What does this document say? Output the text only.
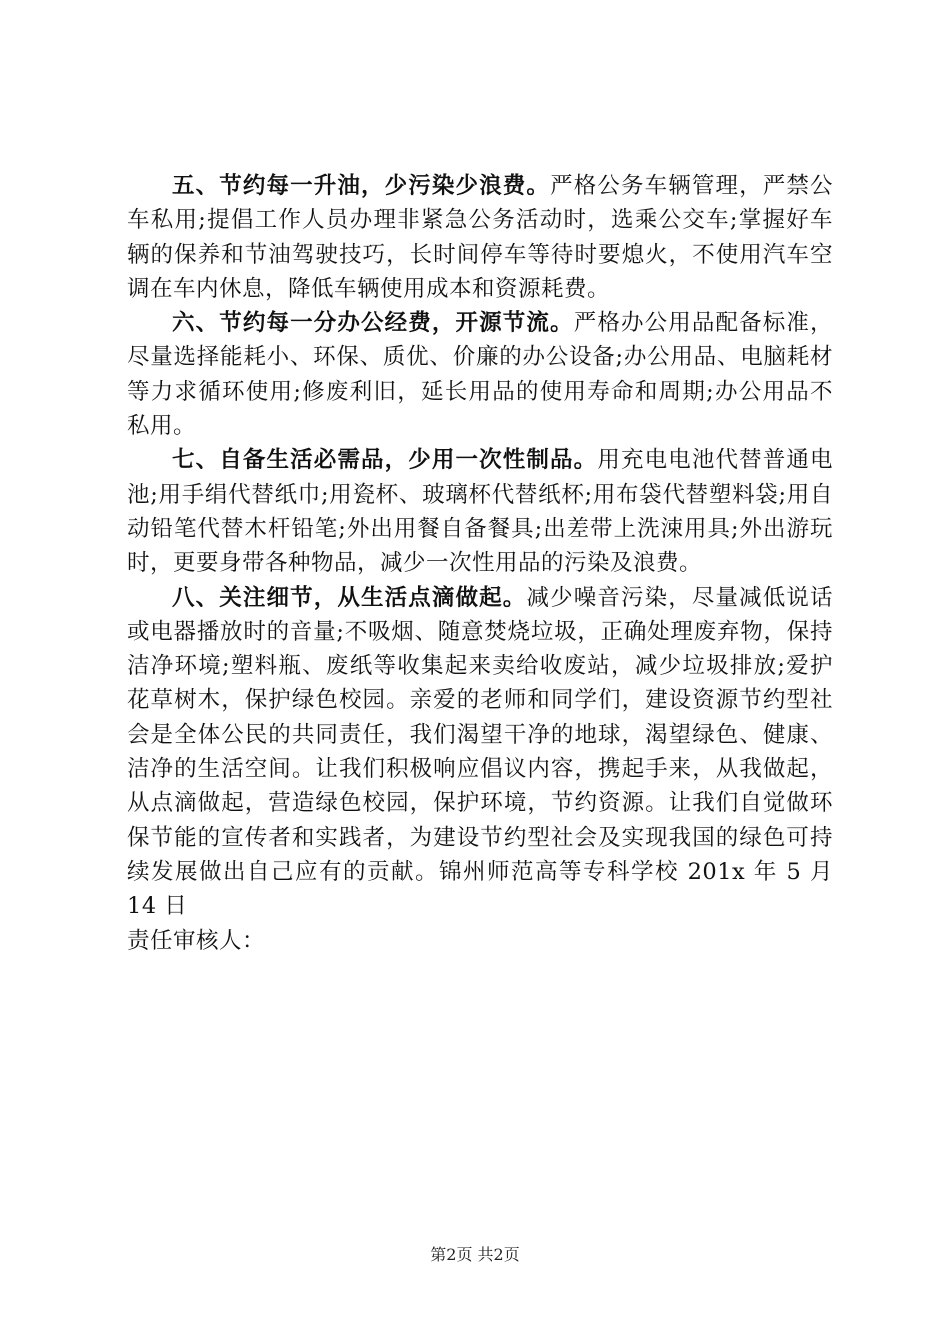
五、节约每一升油，少污染少浪费。严格公务车辆管理，严禁公车私用;提倡工作人员办理非紧急公务活动时，选乘公交车;掌握好车辆的保养和节油驾驶技巧，长时间停车等待时要熄火，不使用汽车空调在车内休息，降低车辆使用成本和资源耗费。

六、节约每一分办公经费，开源节流。严格办公用品配备标准，尽量选择能耗小、环保、质优、价廉的办公设备;办公用品、电脑耗材等力求循环使用;修废利旧，延长用品的使用寿命和周期;办公用品不私用。

七、自备生活必需品，少用一次性制品。用充电电池代替普通电池;用手绢代替纸巾;用瓷杯、玻璃杯代替纸杯;用布袋代替塑料袋;用自动铅笔代替木杆铅笔;外出用餐自备餐具;出差带上洗涑用具;外出游玩时，更要身带各种物品，减少一次性用品的污染及浪费。

八、关注细节，从生活点滴做起。减少噪音污染，尽量减低说话或电器播放时的音量;不吸烟、随意焚烧垃圾，正确处理废弃物，保持洁净环境;塑料瓶、废纸等收集起来卖给收废站，减少垃圾排放;爱护花草树木，保护绿色校园。亲爱的老师和同学们，建设资源节约型社会是全体公民的共同责任，我们渴望干净的地球，渴望绿色、健康、洁净的生活空间。让我们积极响应倡议内容，携起手来，从我做起，从点滴做起，营造绿色校园，保护环境，节约资源。让我们自觉做环保节能的宣传者和实践者，为建设节约型社会及实现我国的绿色可持续发展做出自己应有的贡献。锦州师范高等专科学校 201x 年 5 月 14 日

责任审核人：

第2页 共2页
